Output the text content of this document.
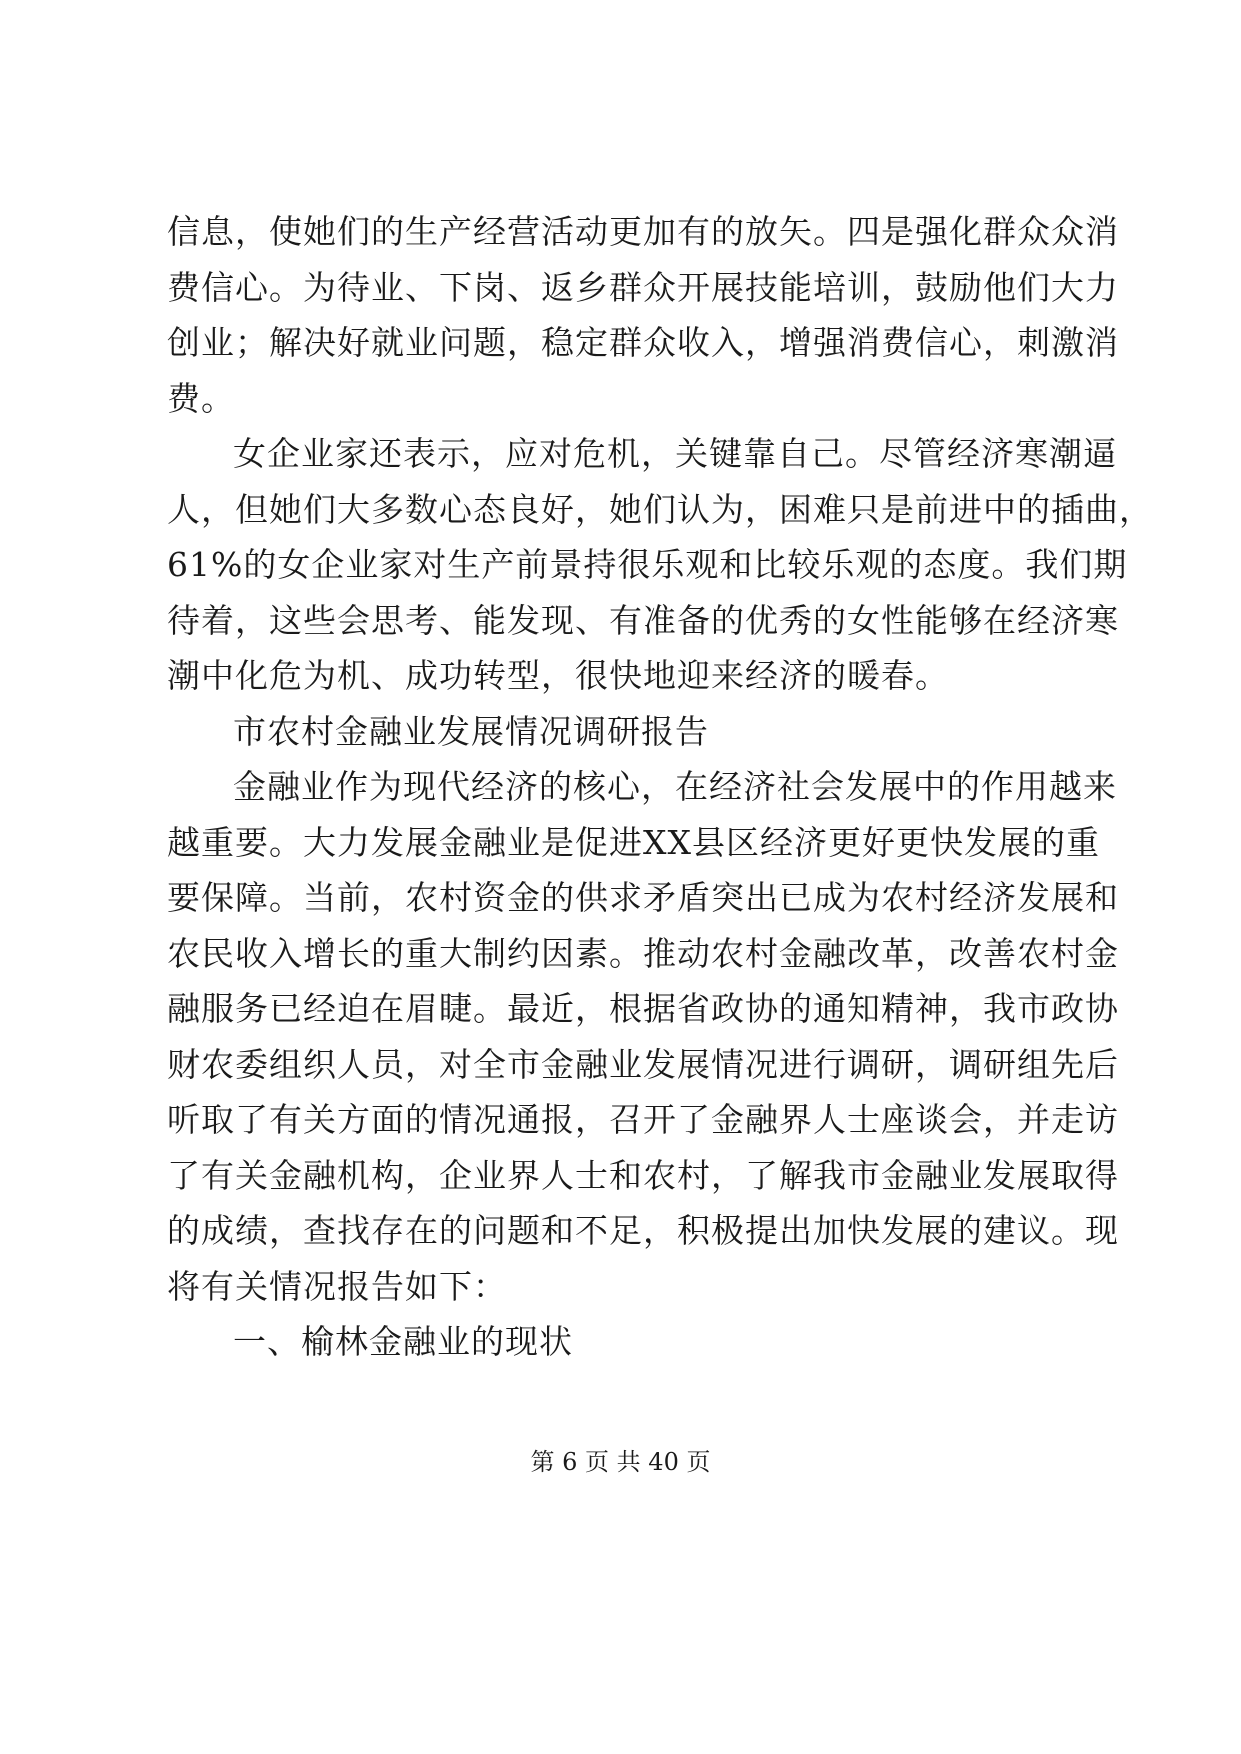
信息，使她们的生产经营活动更加有的放矢。四是强化群众众消
费信心。为待业、下岗、返乡群众开展技能培训，鼓励他们大力
创业；解决好就业问题，稳定群众收入，增强消费信心，刺激消
费。
女企业家还表示，应对危机，关键靠自己。尽管经济寒潮逼
人，但她们大多数心态良好，她们认为，困难只是前进中的插曲，
61%的女企业家对生产前景持很乐观和比较乐观的态度。我们期
待着，这些会思考、能发现、有准备的优秀的女性能够在经济寒
潮中化危为机、成功转型，很快地迎来经济的暖春。
市农村金融业发展情况调研报告
金融业作为现代经济的核心，在经济社会发展中的作用越来
越重要。大力发展金融业是促进XX县区经济更好更快发展的重
要保障。当前，农村资金的供求矛盾突出已成为农村经济发展和
农民收入增长的重大制约因素。推动农村金融改革，改善农村金
融服务已经迫在眉睫。最近，根据省政协的通知精神，我市政协
财农委组织人员，对全市金融业发展情况进行调研，调研组先后
听取了有关方面的情况通报，召开了金融界人士座谈会，并走访
了有关金融机构，企业界人士和农村，了解我市金融业发展取得
的成绩，查找存在的问题和不足，积极提出加快发展的建议。现
将有关情况报告如下：
一、榆林金融业的现状
第 6 页 共 40 页
